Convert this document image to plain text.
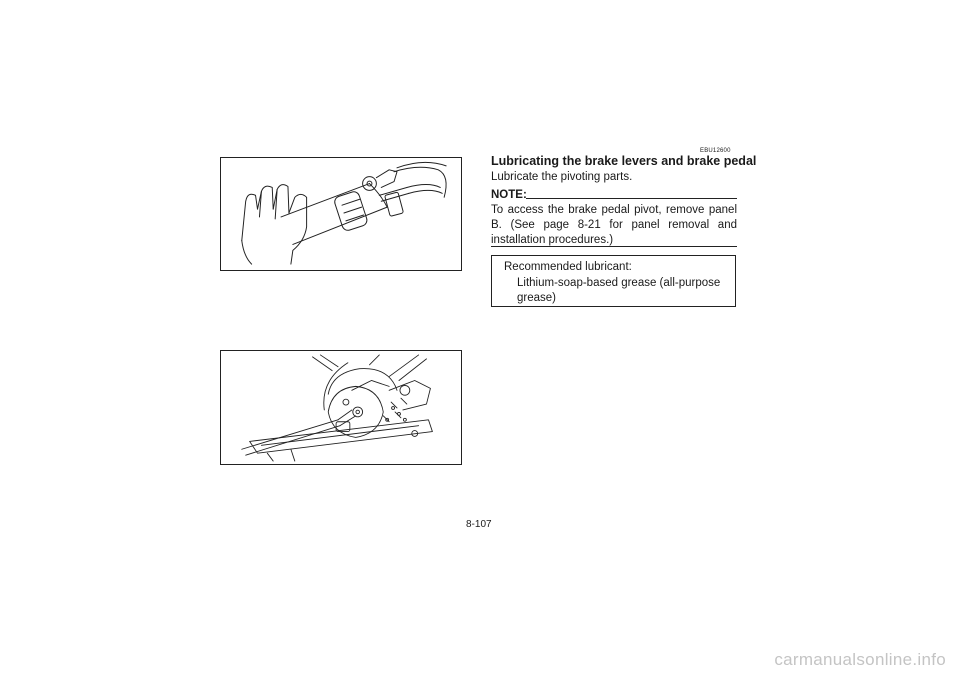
EBU12600
Lubricating the brake levers and brake pedal
Lubricate the pivoting parts.
NOTE:
To access the brake pedal pivot, remove panel B. (See page 8-21 for panel removal and installation procedures.)
Recommended lubricant:
Lithium-soap-based grease (all-purpose grease)
8-107
carmanualsonline.info
